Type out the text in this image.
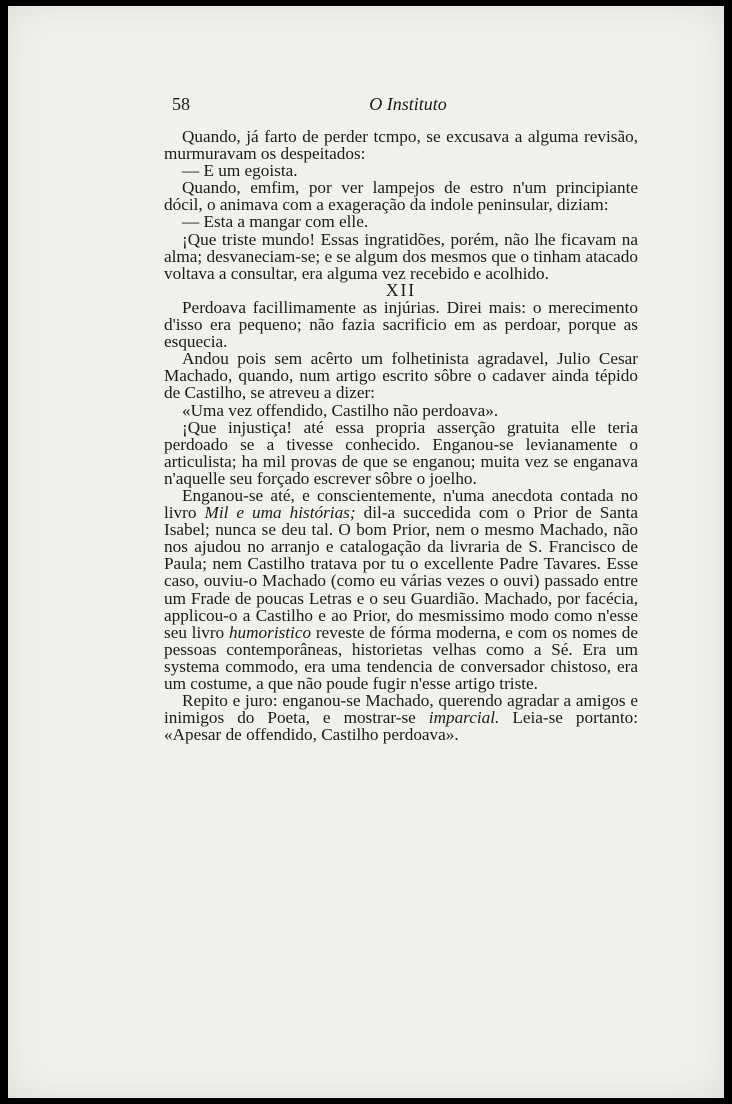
58	O Instituto

Quando, já farto de perder tcmpo, se excusava a alguma revisão, murmuravam os despeitados:

— E um egoista.

Quando, emfim, por ver lampejos de estro n'um principiante dócil, o animava com a exageração da indole peninsular, diziam:

— Esta a mangar com elle.

¡Que triste mundo! Essas ingratidões, porém, não lhe ficavam na alma; desvaneciam-se; e se algum dos mesmos que o tinham atacado voltava a consultar, era alguma vez recebido e acolhido.

XII

Perdoava facillimamente as injúrias. Direi mais: o merecimento d'isso era pequeno; não fazia sacrificio em as perdoar, porque as esquecia.

Andou pois sem acêrto um folhetinista agradavel, Julio Cesar Machado, quando, num artigo escrito sôbre o cadaver ainda tépido de Castilho, se atreveu a dizer:

«Uma vez offendido, Castilho não perdoava».

¡Que injustiça! até essa propria asserção gratuita elle teria perdoado se a tivesse conhecido. Enganou-se levianamente o articulista; ha mil provas de que se enganou; muita vez se enganava n'aquelle seu forçado escrever sôbre o joelho.

Enganou-se até, e conscientemente, n'uma anecdota contada no livro Mil e uma histórias; dil-a succedida com o Prior de Santa Isabel; nunca se deu tal. O bom Prior, nem o mesmo Machado, não nos ajudou no arranjo e catalogação da livraria de S. Francisco de Paula; nem Castilho tratava por tu o excellente Padre Tavares. Esse caso, ouviu-o Machado (como eu várias vezes o ouvi) passado entre um Frade de poucas Letras e o seu Guardião. Machado, por facécia, applicou-o a Castilho e ao Prior, do mesmissimo modo como n'esse seu livro humoristico reveste de fórma moderna, e com os nomes de pessoas contemporâneas, historietas velhas como a Sé. Era um systema commodo, era uma tendencia de conversador chistoso, era um costume, a que não poude fugir n'esse artigo triste.

Repito e juro: enganou-se Machado, querendo agradar a amigos e inimigos do Poeta, e mostrar-se imparcial. Leia-se portanto: «Apesar de offendido, Castilho perdoava».
